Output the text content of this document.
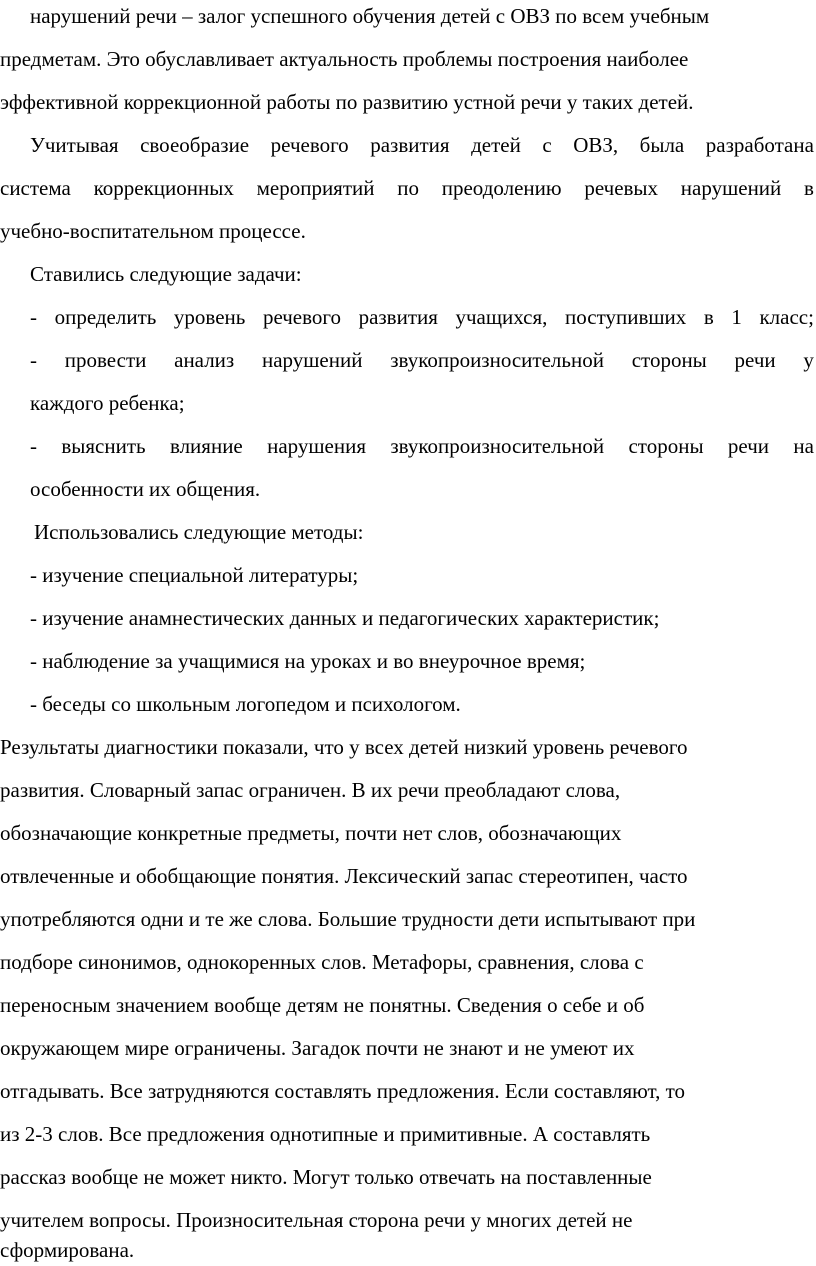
нарушений речи – залог успешного обучения детей с ОВЗ по всем учебным
предметам. Это обуславливает актуальность проблемы построения наиболее
эффективной коррекционной работы по развитию устной речи у таких детей.
Учитывая своеобразие речевого развития детей с ОВЗ, была разработана
система коррекционных мероприятий по преодолению речевых нарушений в
учебно-воспитательном процессе.
Ставились следующие задачи:
- определить уровень речевого развития учащихся, поступивших в 1 класс;
- провести анализ нарушений звукопроизносительной стороны речи у
каждого ребенка;
- выяснить влияние нарушения звукопроизносительной стороны речи на
особенности их общения.
Использовались следующие методы:
- изучение специальной литературы;
- изучение анамнестических данных и педагогических характеристик;
- наблюдение за учащимися на уроках и во внеурочное время;
- беседы со школьным логопедом и психологом.
Результаты диагностики показали, что у всех детей низкий уровень речевого
развития. Словарный запас ограничен. В их речи преобладают слова,
обозначающие конкретные предметы, почти нет слов, обозначающих
отвлеченные и обобщающие понятия. Лексический запас стереотипен, часто
употребляются одни и те же слова. Большие трудности дети испытывают при
подборе синонимов, однокоренных слов. Метафоры, сравнения, слова с
переносным значением вообще детям не понятны. Сведения о себе и об
окружающем мире ограничены. Загадок почти не знают и не умеют их
отгадывать. Все затрудняются составлять предложения. Если составляют, то
из 2-3 слов. Все предложения однотипные и примитивные. А составлять
рассказ вообще не может никто. Могут только отвечать на поставленные
учителем вопросы. Произносительная сторона речи у многих детей не
сформирована.
